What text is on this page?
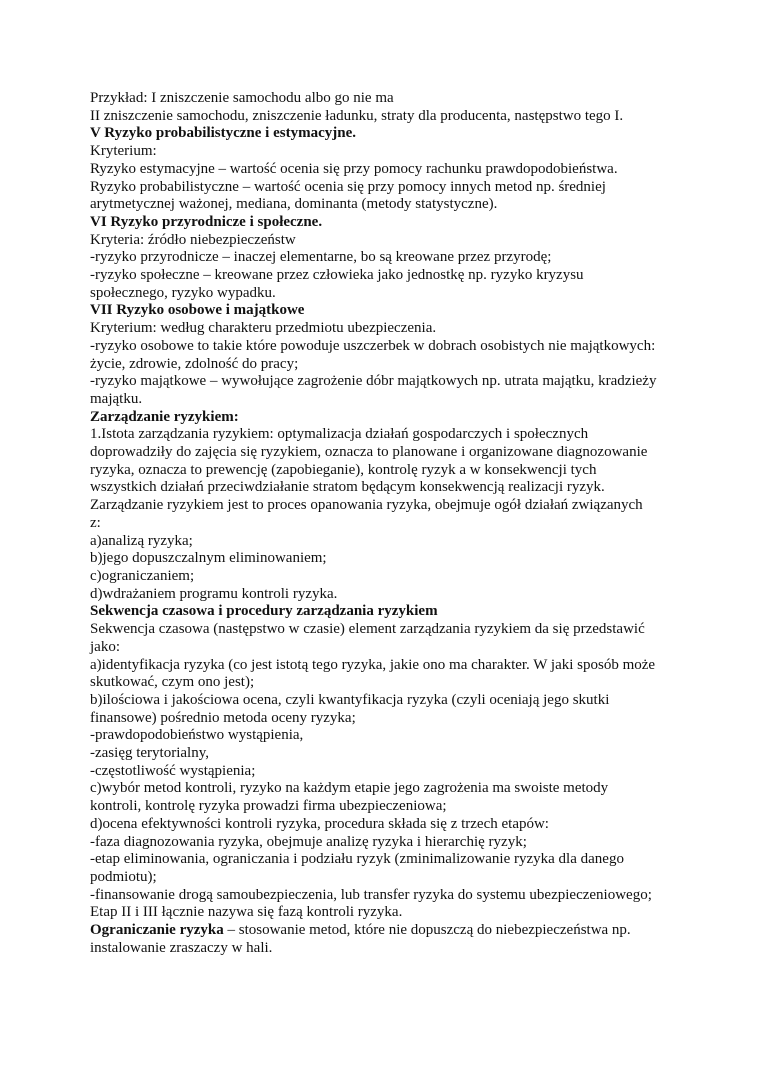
Przykład: I zniszczenie samochodu albo go nie ma

II zniszczenie samochodu, zniszczenie ładunku, straty dla producenta, następstwo tego I.

V Ryzyko probabilistyczne i estymacyjne.

Kryterium:

Ryzyko estymacyjne – wartość ocenia się przy pomocy rachunku prawdopodobieństwa.

Ryzyko probabilistyczne – wartość ocenia się przy pomocy innych metod np. średniej

arytmetycznej ważonej, mediana, dominanta (metody statystyczne).

VI Ryzyko przyrodnicze i społeczne.

Kryteria: źródło niebezpieczeństw

-ryzyko przyrodnicze – inaczej elementarne, bo są kreowane przez przyrodę;

-ryzyko społeczne – kreowane przez człowieka jako jednostkę np. ryzyko kryzysu

społecznego, ryzyko wypadku.

VII Ryzyko osobowe i majątkowe

Kryterium: według charakteru przedmiotu ubezpieczenia.

-ryzyko osobowe to takie które powoduje uszczerbek w dobrach osobistych nie majątkowych:

życie, zdrowie, zdolność do pracy;

-ryzyko majątkowe – wywołujące zagrożenie dóbr majątkowych np. utrata majątku, kradzieży

majątku.

Zarządzanie ryzykiem:

1.Istota zarządzania ryzykiem: optymalizacja działań gospodarczych i społecznych

doprowadziły do zajęcia się ryzykiem, oznacza to planowane i organizowane diagnozowanie

ryzyka, oznacza to prewencję (zapobieganie), kontrolę ryzyk a w konsekwencji tych

wszystkich działań przeciwdziałanie stratom będącym konsekwencją realizacji ryzyk.

Zarządzanie ryzykiem jest to proces opanowania ryzyka, obejmuje ogół działań związanych

z:

a)analizą ryzyka;

b)jego dopuszczalnym eliminowaniem;

c)ograniczaniem;

d)wdrażaniem programu kontroli ryzyka.

Sekwencja czasowa i procedury zarządzania ryzykiem

Sekwencja czasowa (następstwo w czasie) element zarządzania ryzykiem da się przedstawić

jako:

a)identyfikacja ryzyka (co jest istotą tego ryzyka, jakie ono ma charakter. W jaki sposób może

skutkować, czym ono jest);

b)ilościowa i jakościowa ocena, czyli kwantyfikacja ryzyka (czyli oceniają jego skutki

finansowe) pośrednio metoda oceny ryzyka;

-prawdopodobieństwo wystąpienia,

-zasięg terytorialny,

-częstotliwość wystąpienia;

c)wybór metod kontroli, ryzyko na każdym etapie jego zagrożenia ma swoiste metody

kontroli, kontrolę ryzyka prowadzi firma ubezpieczeniowa;

d)ocena efektywności kontroli ryzyka, procedura składa się z trzech etapów:

-faza diagnozowania ryzyka, obejmuje analizę ryzyka i hierarchię ryzyk;

-etap eliminowania, ograniczania i podziału ryzyk (zminimalizowanie ryzyka dla danego

podmiotu);

-finansowanie drogą samoubezpieczenia, lub transfer ryzyka do systemu ubezpieczeniowego;

Etap II i III łącznie nazywa się fazą kontroli ryzyka.

Ograniczanie ryzyka – stosowanie metod, które nie dopuszczą do niebezpieczeństwa np.

instalowanie zraszaczy w hali.
